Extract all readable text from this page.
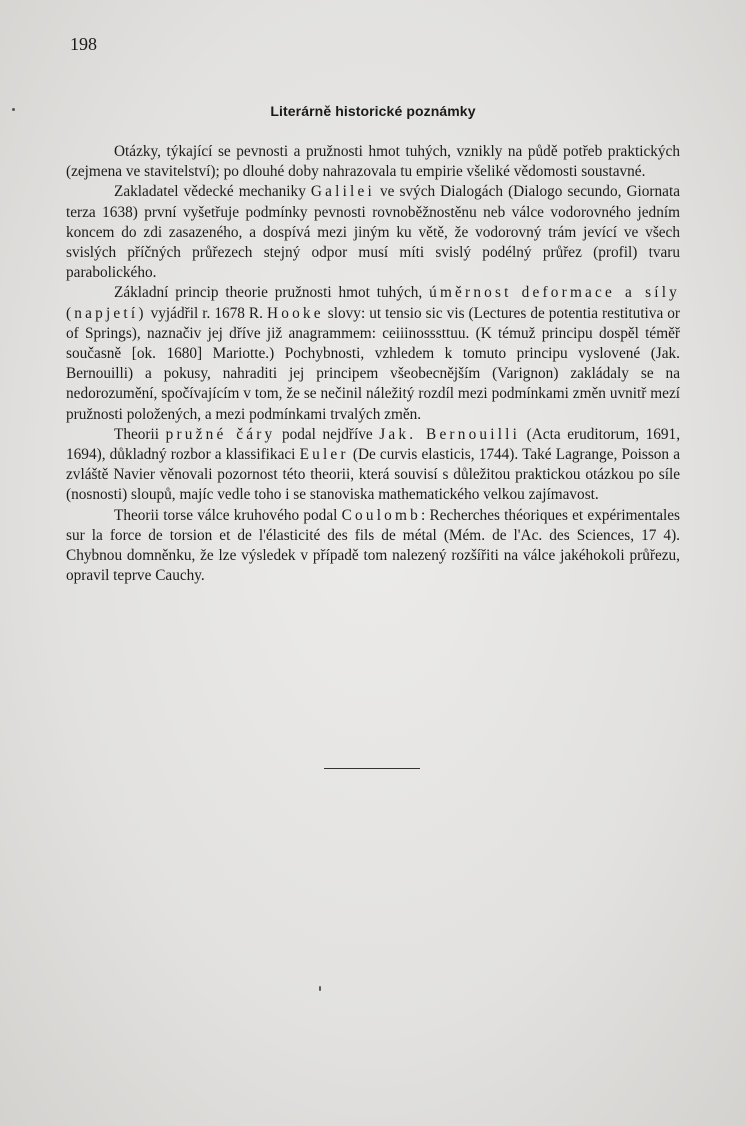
198
Literárně historické poznámky

Otázky, týkající se pevnosti a pružnosti hmot tuhých, vznikly na půdě potřeb praktických (zejmena ve stavitelství); po dlouhé doby nahrazovala tu empirie všeliké vědomosti soustavné.

Zakladatel vědecké mechaniky Galilei ve svých Dialogách (Dialogo secundo, Giornata terza 1638) první vyšetřuje podmínky pevnosti rovnoběžnostěnu neb válce vodorovného jedním koncem do zdi zasazeného, a dospívá mezi jiným ku větě, že vodorovný trám jevící ve všech svislých příčných průřezech stejný odpor musí míti svislý podélný průřez (profil) tvaru parabolického.

Základní princip theorie pružnosti hmot tuhých, úměrnost deformace a síly (napjetí) vyjádřil r. 1678 R. Hooke slovy: ut tensio sic vis (Lectures de potentia restitutiva or of Springs), naznačiv jej dříve již anagrammem: ceiiinosssttuu. (K témuž principu dospěl téměř současně [ok. 1680] Mariotte.) Pochybnosti, vzhledem k tomuto principu vyslovené (Jak. Bernouilli) a pokusy, nahraditi jej principem všeobecnějším (Varignon) zakládaly se na nedorozumění, spočívajícím v tom, že se nečinil náležitý rozdíl mezi podmínkami změn uvnitř mezí pružnosti položených, a mezi podmínkami trvalých změn.

Theorii pružné čáry podal nejdříve Jak. Bernouilli (Acta eruditorum, 1691, 1694), důkladný rozbor a klassifikaci Euler (De curvis elasticis, 1744). Také Lagrange, Poisson a zvláště Navier věnovali pozornost této theorii, která souvisí s důležitou praktickou otázkou po síle (nosnosti) sloupů, majíc vedle toho i se stanoviska mathematického velkou zajímavost.

Theorii torse válce kruhového podal Coulomb: Recherches théoriques et expérimentales sur la force de torsion et de l'élasticité des fils de métal (Mém. de l'Ac. des Sciences, 17 4). Chybnou domněnku, že lze výsledek v případě tom nalezený rozšířiti na válce jakéhokoli průřezu, opravil teprve Cauchy.
